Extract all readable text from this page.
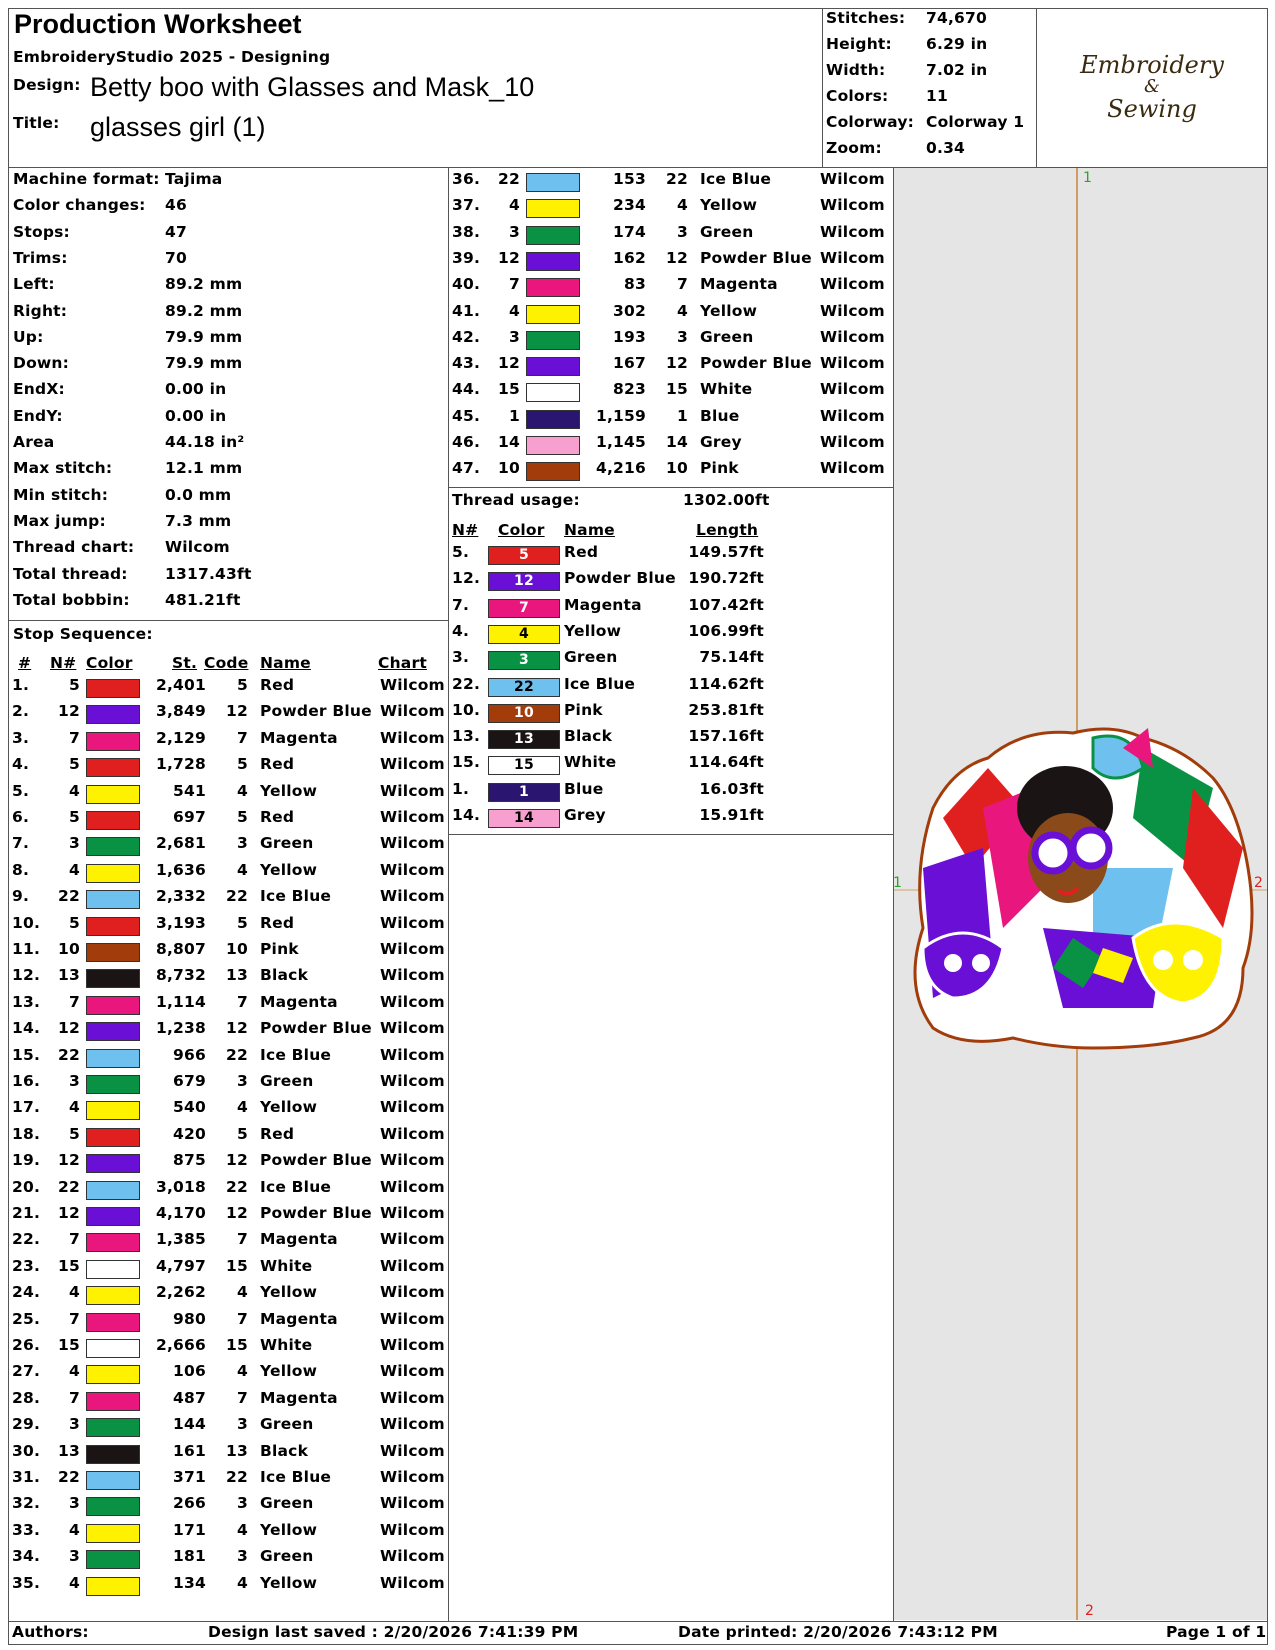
Production Worksheet
EmbroideryStudio 2025 - Designing
Design: Betty boo with Glasses and Mask_10
Title: glasses girl (1)
Stitches:	74,670
Height:	6.29 in
Width:	7.02 in
Colors:	11
Colorway: Colorway 1
Zoom:	0.34
Embroidery
&
Sewing
Machine format: Tajima
Color changes:	46
Stops:	47
Trims:	70
Left:	89.2 mm
Right:	89.2 mm
Up:	79.9 mm
Down:	79.9 mm
EndX:	0.00 in
EndY:	0.00 in
Area	44.18 in²
Max stitch:	12.1 mm
Min stitch:	0.0 mm
Max jump:	7.3 mm
Thread chart:	Wilcom
Total thread:	1317.43ft
Total bobbin:	481.21ft
Stop Sequence:
# N# Color	St. Code Name	Chart
1.	5	2,401	5 Red	Wilcom
2.	12	3,849	12 Powder Blue Wilcom
3.	7	2,129	7 Magenta	Wilcom
4.	5	1,728	5 Red	Wilcom
5.	4	541	4 Yellow	Wilcom
6.	5	697	5 Red	Wilcom
7.	3	2,681	3 Green	Wilcom
8.	4	1,636	4 Yellow	Wilcom
9.	22	2,332	22 Ice Blue	Wilcom
10.	5	3,193	5 Red	Wilcom
11.	10	8,807	10 Pink	Wilcom
12.	13	8,732	13 Black	Wilcom
13.	7	1,114	7 Magenta	Wilcom
14.	12	1,238	12 Powder Blue Wilcom
15.	22	966	22 Ice Blue	Wilcom
16.	3	679	3 Green	Wilcom
17.	4	540	4 Yellow	Wilcom
18.	5	420	5 Red	Wilcom
19.	12	875	12 Powder Blue Wilcom
20.	22	3,018	22 Ice Blue	Wilcom
21.	12	4,170	12 Powder Blue Wilcom
22.	7	1,385	7 Magenta	Wilcom
23.	15	4,797	15 White	Wilcom
24.	4	2,262	4 Yellow	Wilcom
25.	7	980	7 Magenta	Wilcom
26.	15	2,666	15 White	Wilcom
27.	4	106	4 Yellow	Wilcom
28.	7	487	7 Magenta	Wilcom
29.	3	144	3 Green	Wilcom
30.	13	161	13 Black	Wilcom
31.	22	371	22 Ice Blue	Wilcom
32.	3	266	3 Green	Wilcom
33.	4	171	4 Yellow	Wilcom
34.	3	181	3 Green	Wilcom
35.	4	134	4 Yellow	Wilcom
36.	22	153	22 Ice Blue	Wilcom
37.	4	234	4 Yellow	Wilcom
38.	3	174	3 Green	Wilcom
39.	12	162	12 Powder Blue Wilcom
40.	7	83	7 Magenta	Wilcom
41.	4	302	4 Yellow	Wilcom
42.	3	193	3 Green	Wilcom
43.	12	167	12 Powder Blue Wilcom
44.	15	823	15 White	Wilcom
45.	1	1,159	1 Blue	Wilcom
46.	14	1,145	14 Grey	Wilcom
47.	10	4,216	10 Pink	Wilcom
Thread usage:	1302.00ft
N# Color Name	Length
5.	5	Red	149.57ft
12.	12	Powder Blue 190.72ft
7.	7	Magenta	107.42ft
4.	4	Yellow	106.99ft
3.	3	Green	75.14ft
22.	22	Ice Blue	114.62ft
10.	10	Pink	253.81ft
13.	13	Black	157.16ft
15.	15	White	114.64ft
1.	1	Blue	16.03ft
14.	14	Grey	15.91ft
1
2
1	2
Authors:	Design last saved : 2/20/2026 7:41:39 PM	Date printed: 2/20/2026 7:43:12 PM	Page 1 of 1
